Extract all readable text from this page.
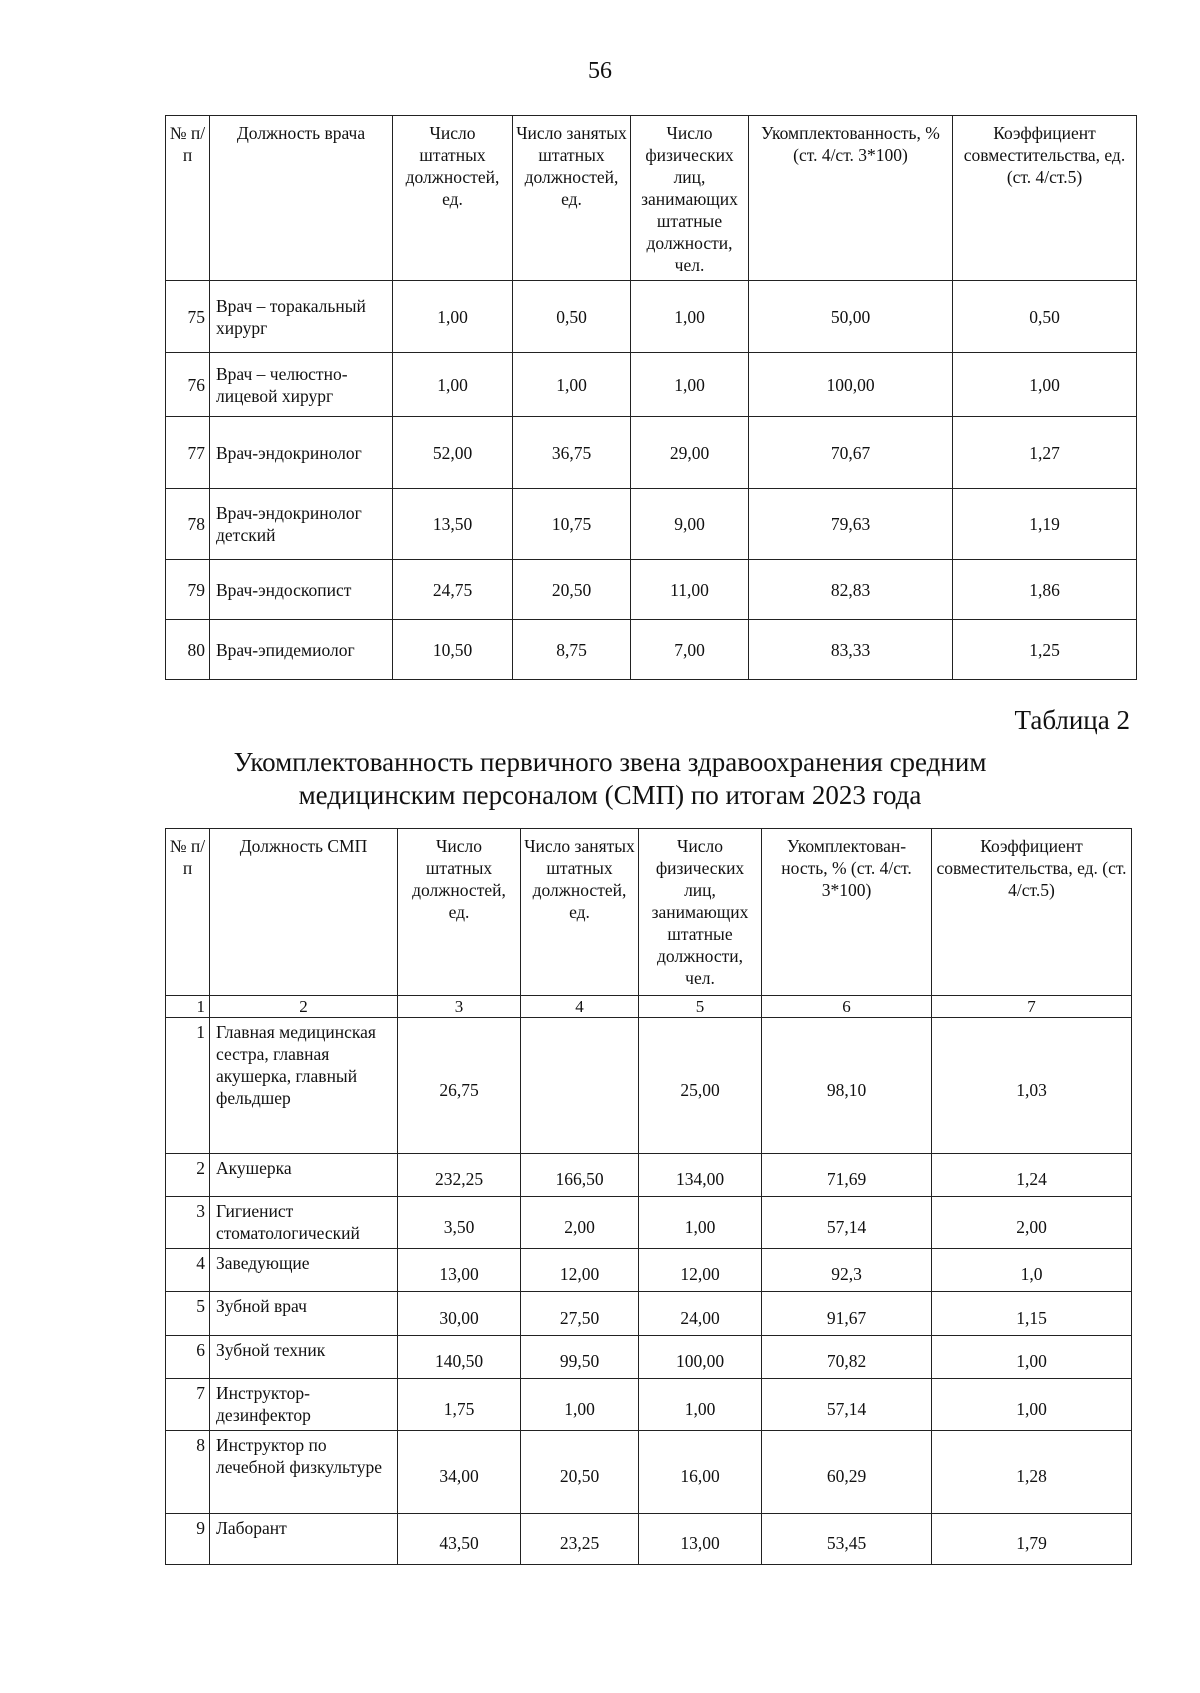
56
№ п/п	Должность врача	Число штатных должностей, ед.	Число занятых штатных должностей, ед.	Число физических лиц, занимающих штатные должности, чел.	Укомплектованность, % (ст. 4/ст. 3*100)	Коэффициент совместительства, ед. (ст. 4/ст.5)
75	Врач – торакальный хирург	1,00	0,50	1,00	50,00	0,50
76	Врач – челюстно-лицевой хирург	1,00	1,00	1,00	100,00	1,00
77	Врач-эндокринолог	52,00	36,75	29,00	70,67	1,27
78	Врач-эндокринолог детский	13,50	10,75	9,00	79,63	1,19
79	Врач-эндоскопист	24,75	20,50	11,00	82,83	1,86
80	Врач-эпидемиолог	10,50	8,75	7,00	83,33	1,25
Таблица 2
Укомплектованность первичного звена здравоохранения средним
медицинским персоналом (СМП) по итогам 2023 года
№ п/п	Должность СМП	Число штатных должностей, ед.	Число занятых штатных должностей, ед.	Число физических лиц, занимающих штатные должности, чел.	Укомплектован-ность, % (ст. 4/ст. 3*100)	Коэффициент совместительства, ед. (ст. 4/ст.5)
1	2	3	4	5	6	7
1	Главная медицинская сестра, главная акушерка, главный фельдшер	26,75		25,00	98,10	1,03
2	Акушерка	232,25	166,50	134,00	71,69	1,24
3	Гигиенист стоматологический	3,50	2,00	1,00	57,14	2,00
4	Заведующие	13,00	12,00	12,00	92,3	1,0
5	Зубной врач	30,00	27,50	24,00	91,67	1,15
6	Зубной техник	140,50	99,50	100,00	70,82	1,00
7	Инструктор-дезинфектор	1,75	1,00	1,00	57,14	1,00
8	Инструктор по лечебной физкультуре	34,00	20,50	16,00	60,29	1,28
9	Лаборант	43,50	23,25	13,00	53,45	1,79
